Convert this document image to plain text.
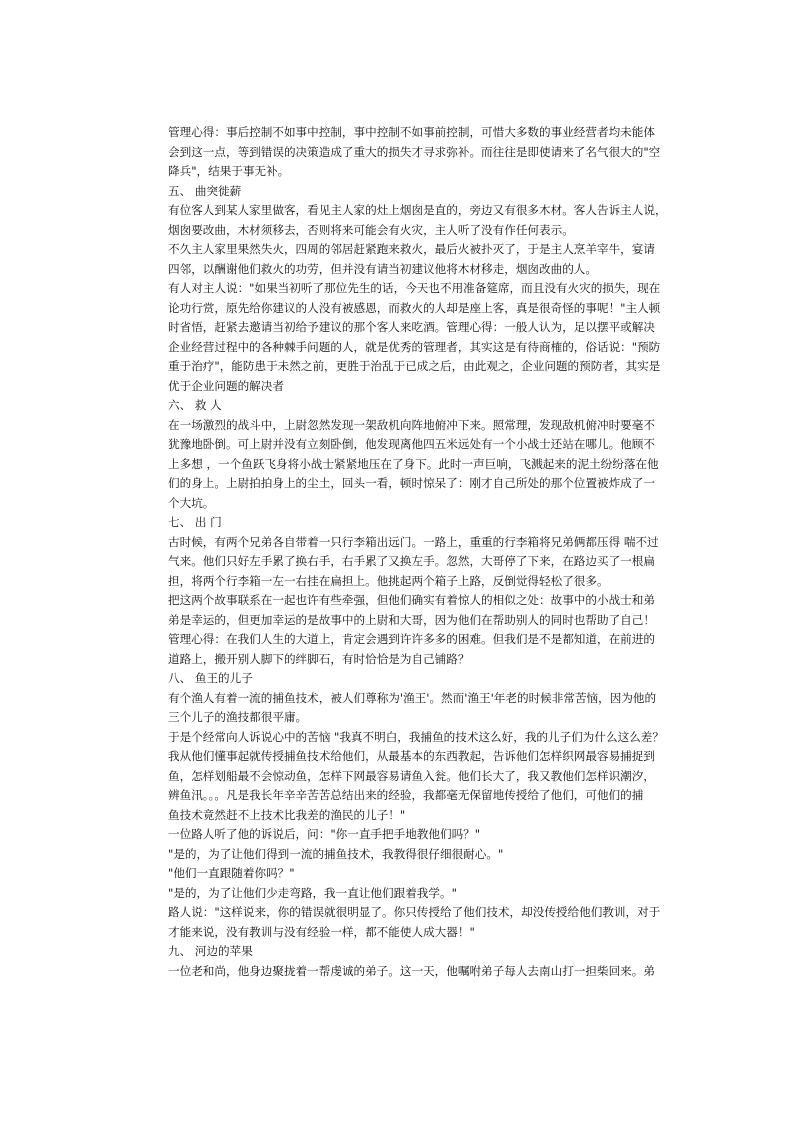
管理心得：事后控制不如事中控制，事中控制不如事前控制，可惜大多数的事业经营者均未能体
会到这一点，等到错误的决策造成了重大的损失才寻求弥补。而往往是即使请来了名气很大的"空
降兵"，结果于事无补。
五、 曲突徙薪
有位客人到某人家里做客，看见主人家的灶上烟囱是直的，旁边又有很多木材。客人告诉主人说，
烟囱要改曲，木材须移去，否则将来可能会有火灾，主人听了没有作任何表示。
不久主人家里果然失火，四周的邻居赶紧跑来救火，最后火被扑灭了，于是主人烹羊宰牛，宴请
四邻，以酬谢他们救火的功劳，但并没有请当初建议他将木材移走，烟囱改曲的人。
有人对主人说："如果当初听了那位先生的话，今天也不用准备筵席，而且没有火灾的损失，现在
论功行赏，原先给你建议的人没有被感恩，而救火的人却是座上客，真是很奇怪的事呢！"主人顿
时省悟，赶紧去邀请当初给予建议的那个客人来吃酒。管理心得：一般人认为，足以摆平或解决
企业经营过程中的各种棘手问题的人，就是优秀的管理者，其实这是有待商榷的，俗话说："预防
重于治疗"，能防患于未然之前，更胜于治乱于已成之后，由此观之，企业问题的预防者，其实是
优于企业问题的解决者
六、 救 人
在一场激烈的战斗中，上尉忽然发现一架敌机向阵地俯冲下来。照常理，发现敌机俯冲时要毫不
犹豫地卧倒。可上尉并没有立刻卧倒，他发现离他四五米远处有一个小战士还站在哪儿。他顾不
上多想 ，一个鱼跃飞身将小战士紧紧地压在了身下。此时一声巨响，飞溅起来的泥土纷纷落在他
们的身上。上尉拍拍身上的尘土，回头一看，顿时惊呆了：刚才自己所处的那个位置被炸成了一
个大坑。
七、 出 门
古时候，有两个兄弟各自带着一只行李箱出远门。一路上，重重的行李箱将兄弟俩都压得 喘不过
气来。他们只好左手累了换右手，右手累了又换左手。忽然，大哥停了下来，在路边买了一根扁
担，将两个行李箱一左一右挂在扁担上。他挑起两个箱子上路，反倒觉得轻松了很多。
把这两个故事联系在一起也许有些牵强，但他们确实有着惊人的相似之处：故事中的小战士和弟
弟是幸运的，但更加幸运的是故事中的上尉和大哥，因为他们在帮助别人的同时也帮助了自己！
管理心得：在我们人生的大道上，肯定会遇到许许多多的困难。但我们是不是都知道，在前进的
道路上，搬开别人脚下的绊脚石，有时恰恰是为自己铺路？
八、 鱼王的儿子
有个渔人有着一流的捕鱼技术，被人们尊称为'渔王'。然而'渔王'年老的时候非常苦恼，因为他的
三个儿子的渔技都很平庸。
于是个经常向人诉说心中的苦恼 "我真不明白，我捕鱼的技术这么好，我的儿子们为什么这么差？
我从他们懂事起就传授捕鱼技术给他们，从最基本的东西教起，告诉他们怎样织网最容易捕捉到
鱼，怎样划船最不会惊动鱼，怎样下网最容易请鱼入瓮。他们长大了，我又教他们怎样识潮汐，
辨鱼汛。。。凡是我长年辛辛苦苦总结出来的经验，我都毫无保留地传授给了他们，可他们的捕
鱼技术竟然赶不上技术比我差的渔民的儿子！"
一位路人听了他的诉说后，问："你一直手把手地教他们吗？"
"是的，为了让他们得到一流的捕鱼技术，我教得很仔细很耐心。"
"他们一直跟随着你吗？"
"是的，为了让他们少走弯路，我一直让他们跟着我学。"
路人说："这样说来，你的错误就很明显了。你只传授给了他们技术，却没传授给他们教训，对于
才能来说，没有教训与没有经验一样，都不能使人成大器！"
九、 河边的苹果
一位老和尚，他身边聚拢着一帮虔诚的弟子。这一天，他嘱咐弟子每人去南山打一担柴回来。弟
